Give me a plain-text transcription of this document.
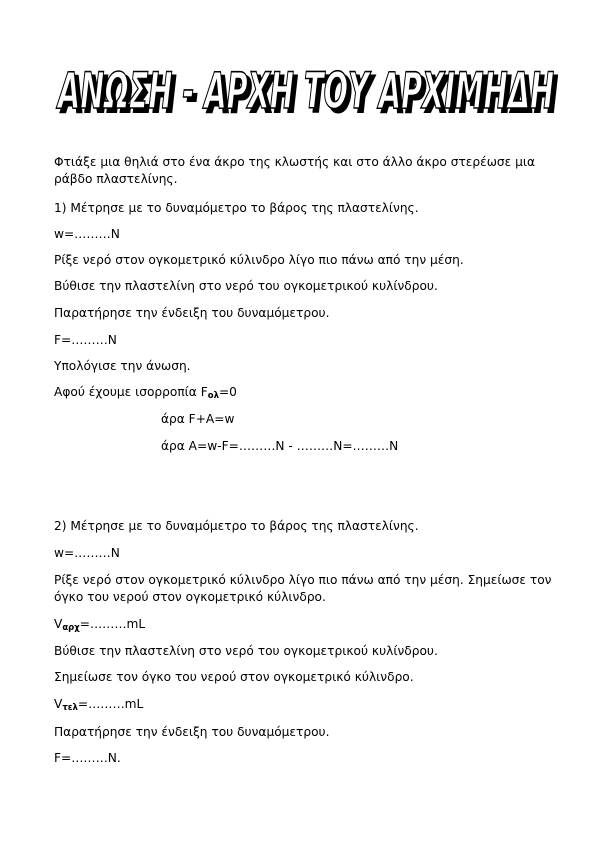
ΑΝΩΣΗ - ΑΡΧΗ ΤΟΥ ΑΡΧΙΜΗΔΗ
ΑΝΩΣΗ - ΑΡΧΗ ΤΟΥ ΑΡΧΙΜΗΔΗ
Φτιάξε μια θηλιά στο ένα άκρο της κλωστής και στο άλλο άκρο στερέωσε μια ράβδο πλαστελίνης.
1) Μέτρησε με το δυναμόμετρο το βάρος της πλαστελίνης.
w=………N
Ρίξε νερό στον ογκομετρικό κύλινδρο λίγο πιο πάνω από την μέση.
Βύθισε την πλαστελίνη στο νερό του ογκομετρικού κυλίνδρου.
Παρατήρησε την ένδειξη του δυναμόμετρου.
F=………N
Υπολόγισε την άνωση.
Αφού έχουμε ισορροπία $F_{o\lambda}=0$
άρα F+A=w
άρα A=w-F=………N - ………N=………N
2) Μέτρησε με το δυναμόμετρο το βάρος της πλαστελίνης.
w=………N
Ρίξε νερό στον ογκομετρικό κύλινδρο λίγο πιο πάνω από την μέση. Σημείωσε τον όγκο του νερού στον ογκομετρικό κύλινδρο.
$V_{\alpha\rho\chi}=\dots\dots\dots mL$
Βύθισε την πλαστελίνη στο νερό του ογκομετρικού κυλίνδρου.
Σημείωσε τον όγκο του νερού στον ογκομετρικό κύλινδρο.
$V_{\tau\varepsilon\lambda}=\dots\dots\dots mL$
Παρατήρησε την ένδειξη του δυναμόμετρου.
F=………N.
